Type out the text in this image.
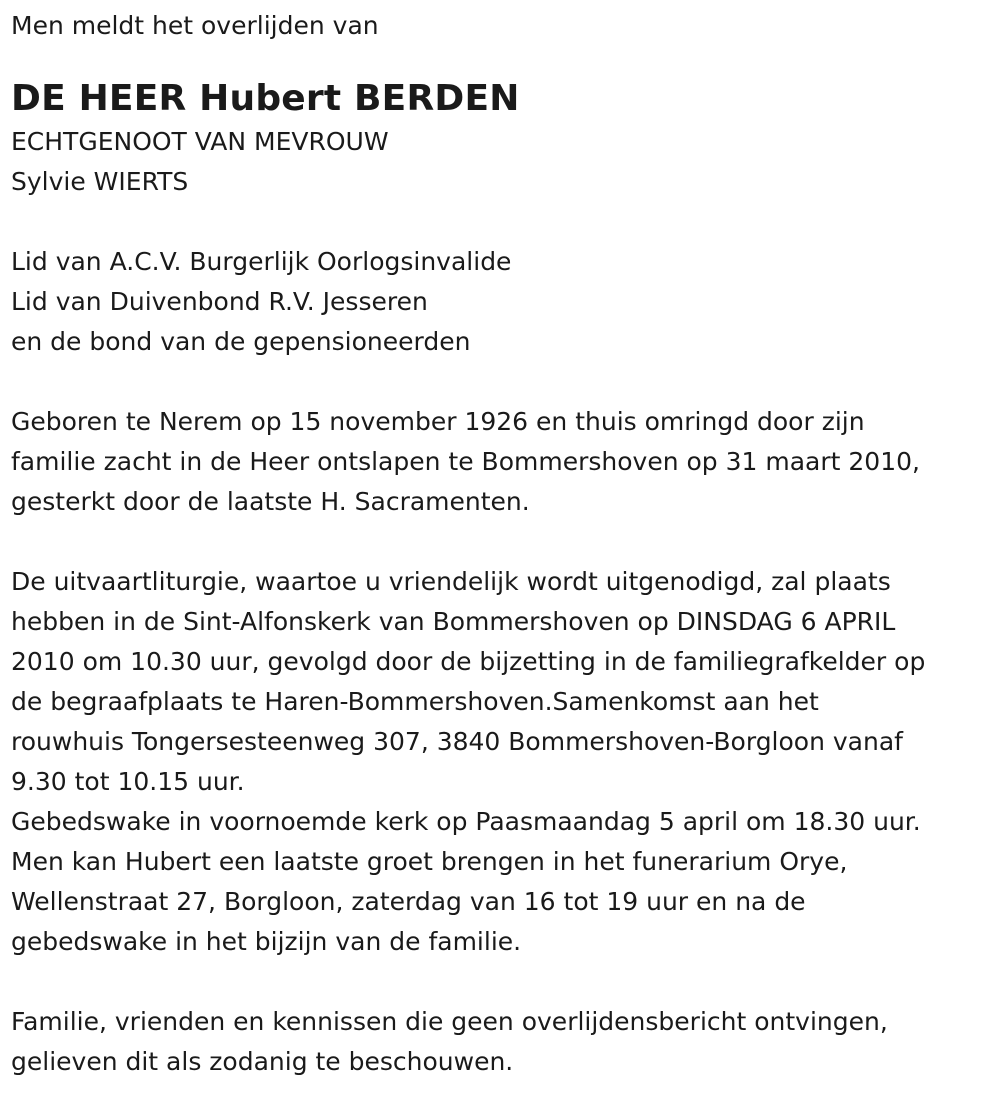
Men meldt het overlijden van
DE HEER Hubert BERDEN
ECHTGENOOT VAN MEVROUW
Sylvie WIERTS
Lid van A.C.V. Burgerlijk Oorlogsinvalide
Lid van Duivenbond R.V. Jesseren
en de bond van de gepensioneerden
Geboren te Nerem op 15 november 1926 en thuis omringd door zijn
familie zacht in de Heer ontslapen te Bommershoven op 31 maart 2010,
gesterkt door de laatste H. Sacramenten.
De uitvaartliturgie, waartoe u vriendelijk wordt uitgenodigd, zal plaats
hebben in de Sint-Alfonskerk van Bommershoven op DINSDAG 6 APRIL
2010 om 10.30 uur, gevolgd door de bijzetting in de familiegrafkelder op
de begraafplaats te Haren-Bommershoven.Samenkomst aan het
rouwhuis Tongersesteenweg 307, 3840 Bommershoven-Borgloon vanaf
9.30 tot 10.15 uur.
Gebedswake in voornoemde kerk op Paasmaandag 5 april om 18.30 uur.
Men kan Hubert een laatste groet brengen in het funerarium Orye,
Wellenstraat 27, Borgloon, zaterdag van 16 tot 19 uur en na de
gebedswake in het bijzijn van de familie.
Familie, vrienden en kennissen die geen overlijdensbericht ontvingen,
gelieven dit als zodanig te beschouwen.
